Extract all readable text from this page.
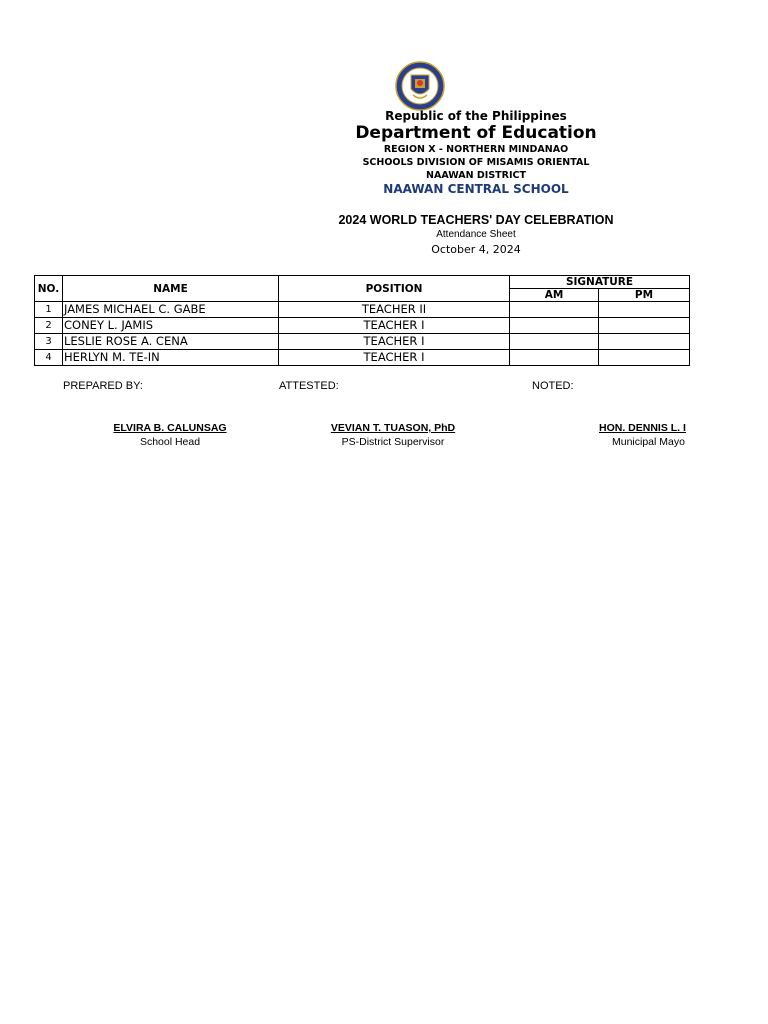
Republic of the Philippines
Department of Education
REGION X - NORTHERN MINDANAO
SCHOOLS DIVISION OF MISAMIS ORIENTAL
NAAWAN DISTRICT
NAAWAN CENTRAL SCHOOL
2024 WORLD TEACHERS' DAY CELEBRATION
Attendance Sheet
October 4, 2024
NO.	NAME	POSITION	SIGNATURE	
			AM	PM
1	JAMES MICHAEL C. GABE	TEACHER II		
2	CONEY L. JAMIS	TEACHER I		
3	LESLIE ROSE A. CENA	TEACHER I		
4	HERLYN M. TE-IN	TEACHER I		
PREPARED BY:	ATTESTED:	NOTED:
ELVIRA B. CALUNSAG
School Head
VEVIAN T. TUASON, PhD
PS-District Supervisor
HON. DENNIS L. I
Municipal Mayo
